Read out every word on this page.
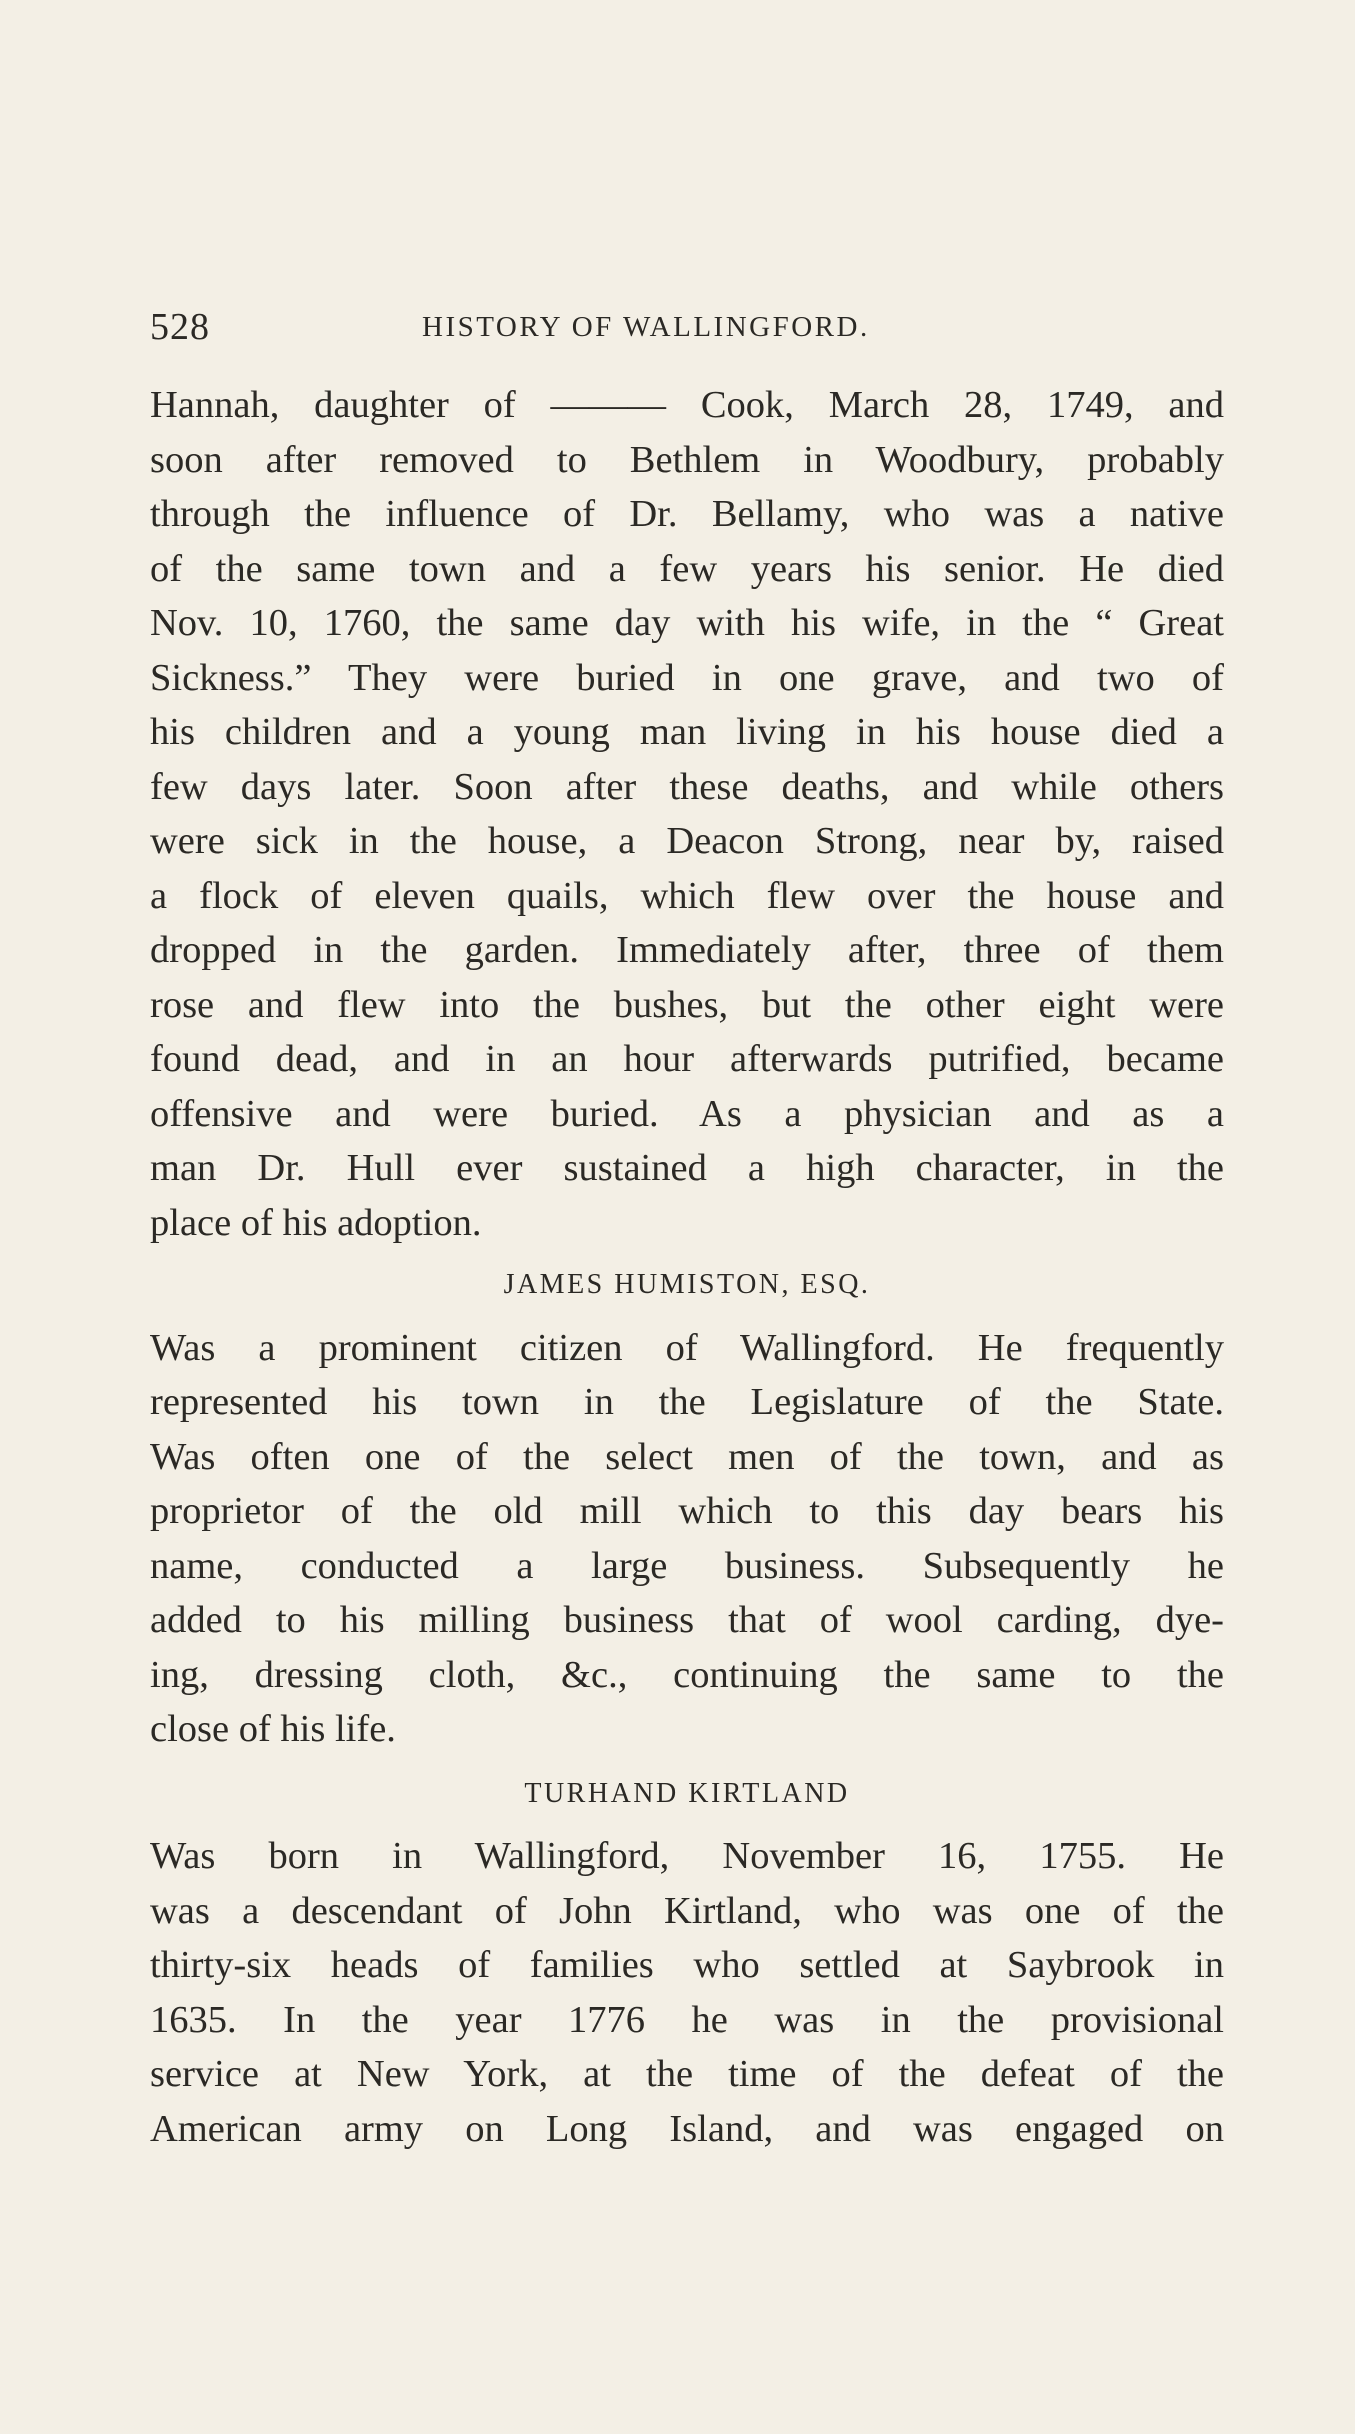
528	HISTORY OF WALLINGFORD.
Hannah, daughter of ——— Cook, March 28, 1749, and
soon after removed to Bethlem in Woodbury, probably
through the influence of Dr. Bellamy, who was a native
of the same town and a few years his senior. He died
Nov. 10, 1760, the same day with his wife, in the “ Great
Sickness.” They were buried in one grave, and two of
his children and a young man living in his house died a
few days later. Soon after these deaths, and while others
were sick in the house, a Deacon Strong, near by, raised
a flock of eleven quails, which flew over the house and
dropped in the garden. Immediately after, three of them
rose and flew into the bushes, but the other eight were
found dead, and in an hour afterwards putrified, became
offensive and were buried. As a physician and as a
man Dr. Hull ever sustained a high character, in the
place of his adoption.
JAMES HUMISTON, ESQ.
Was a prominent citizen of Wallingford. He frequently
represented his town in the Legislature of the State.
Was often one of the select men of the town, and as
proprietor of the old mill which to this day bears his
name, conducted a large business. Subsequently he
added to his milling business that of wool carding, dye-
ing, dressing cloth, &c., continuing the same to the
close of his life.
TURHAND KIRTLAND
Was born in Wallingford, November 16, 1755. He
was a descendant of John Kirtland, who was one of the
thirty-six heads of families who settled at Saybrook in
1635. In the year 1776 he was in the provisional
service at New York, at the time of the defeat of the
American army on Long Island, and was engaged on
